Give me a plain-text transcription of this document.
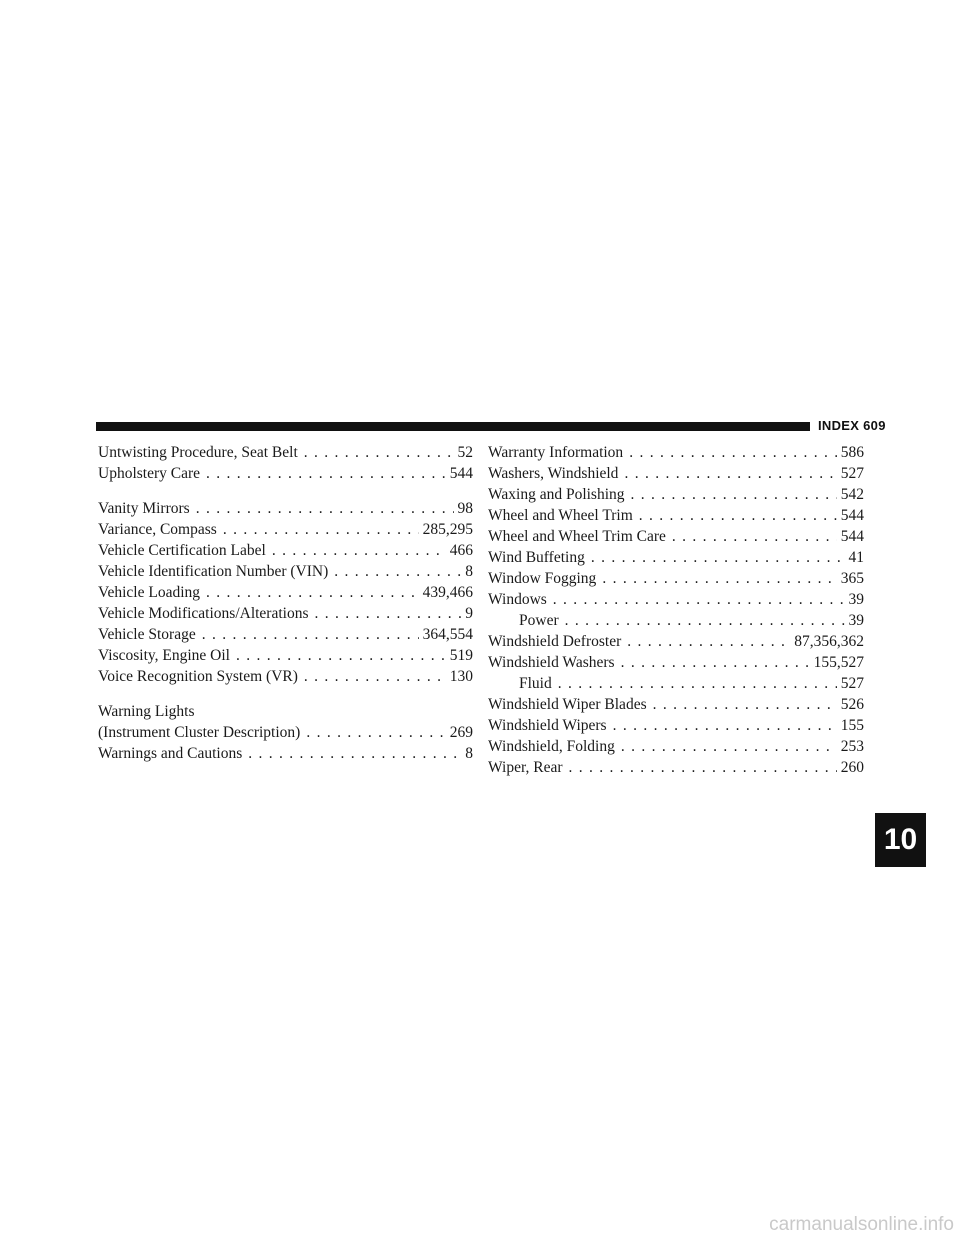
INDEX 609
Untwisting Procedure, Seat Belt . . .	52
Upholstery Care . . .	544
Vanity Mirrors . . .	98
Variance, Compass . . .	285,295
Vehicle Certification Label . . .	466
Vehicle Identification Number (VIN) . . .	8
Vehicle Loading . . .	439,466
Vehicle Modifications/Alterations . . .	9
Vehicle Storage . . .	364,554
Viscosity, Engine Oil . . .	519
Voice Recognition System (VR) . . .	130
Warning Lights
(Instrument Cluster Description) . . .	269
Warnings and Cautions . . .	8
Warranty Information . . .	586
Washers, Windshield . . .	527
Waxing and Polishing . . .	542
Wheel and Wheel Trim . . .	544
Wheel and Wheel Trim Care . . .	544
Wind Buffeting . . .	41
Window Fogging . . .	365
Windows . . .	39
Power . . .	39
Windshield Defroster . . .	87,356,362
Windshield Washers . . .	155,527
Fluid . . .	527
Windshield Wiper Blades . . .	526
Windshield Wipers . . .	155
Windshield, Folding . . .	253
Wiper, Rear . . .	260
10
carmanualsonline.info
